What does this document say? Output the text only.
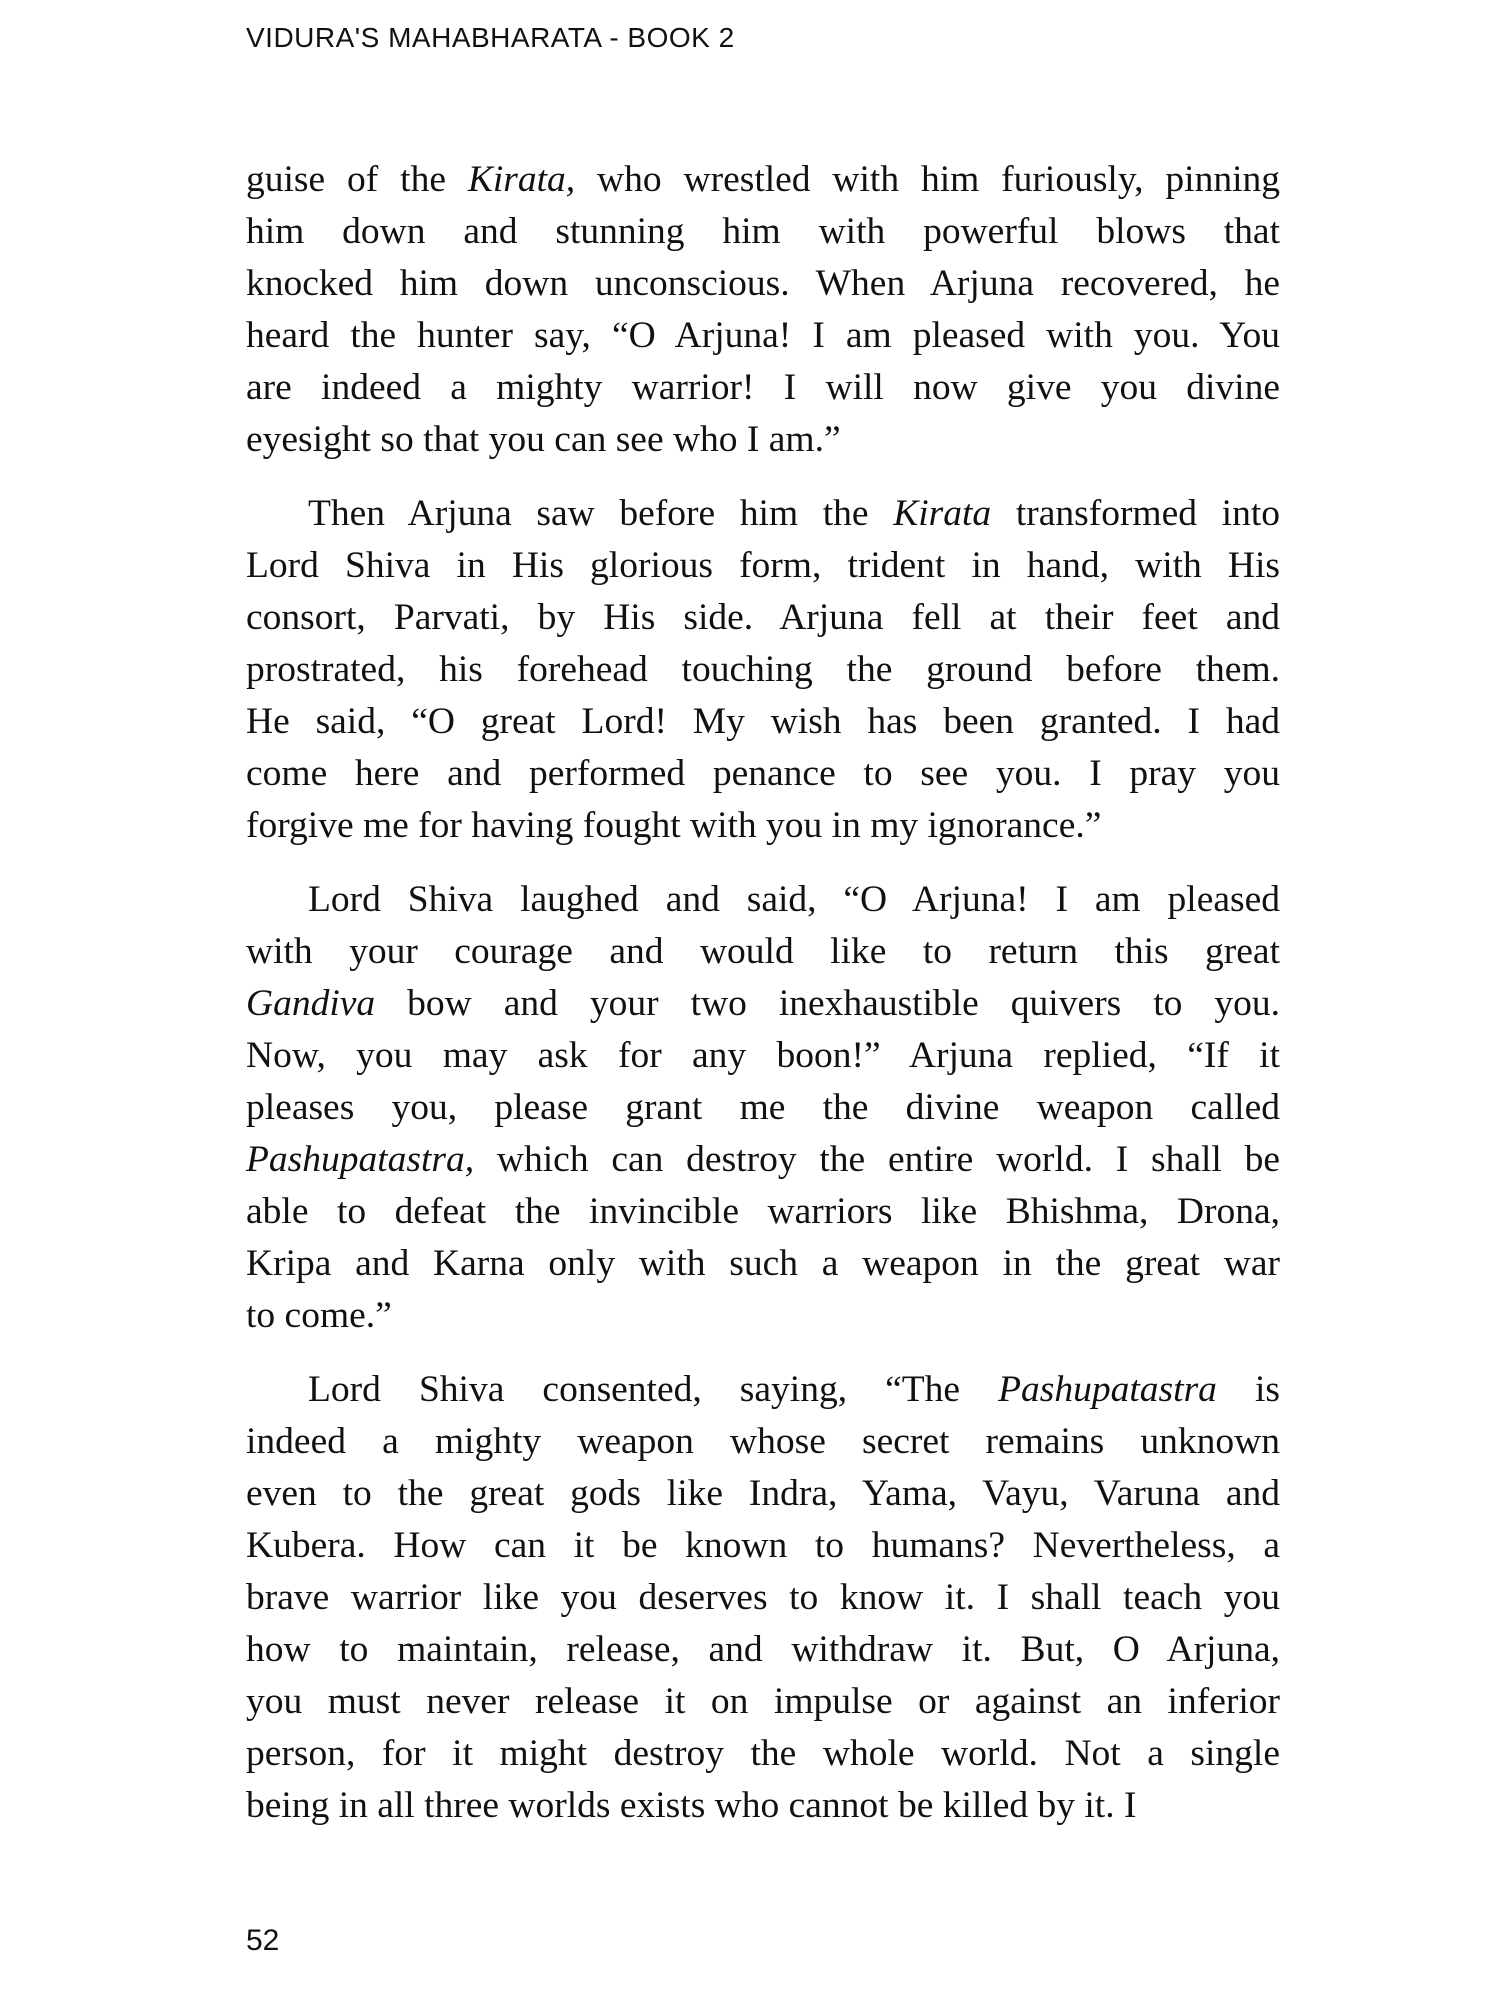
VIDURA'S MAHABHARATA - BOOK 2
guise of the Kirata, who wrestled with him furiously, pinning
him down and stunning him with powerful blows that
knocked him down unconscious. When Arjuna recovered, he
heard the hunter say, “O Arjuna! I am pleased with you. You
are indeed a mighty warrior! I will now give you divine
eyesight so that you can see who I am.”
Then Arjuna saw before him the Kirata transformed into
Lord Shiva in His glorious form, trident in hand, with His
consort, Parvati, by His side. Arjuna fell at their feet and
prostrated, his forehead touching the ground before them.
He said, “O great Lord! My wish has been granted. I had
come here and performed penance to see you. I pray you
forgive me for having fought with you in my ignorance.”
Lord Shiva laughed and said, “O Arjuna! I am pleased
with your courage and would like to return this great
Gandiva bow and your two inexhaustible quivers to you.
Now, you may ask for any boon!” Arjuna replied, “If it
pleases you, please grant me the divine weapon called
Pashupatastra, which can destroy the entire world. I shall be
able to defeat the invincible warriors like Bhishma, Drona,
Kripa and Karna only with such a weapon in the great war
to come.”
Lord Shiva consented, saying, “The Pashupatastra is
indeed a mighty weapon whose secret remains unknown
even to the great gods like Indra, Yama, Vayu, Varuna and
Kubera. How can it be known to humans? Nevertheless, a
brave warrior like you deserves to know it. I shall teach you
how to maintain, release, and withdraw it. But, O Arjuna,
you must never release it on impulse or against an inferior
person, for it might destroy the whole world. Not a single
being in all three worlds exists who cannot be killed by it. I
52
